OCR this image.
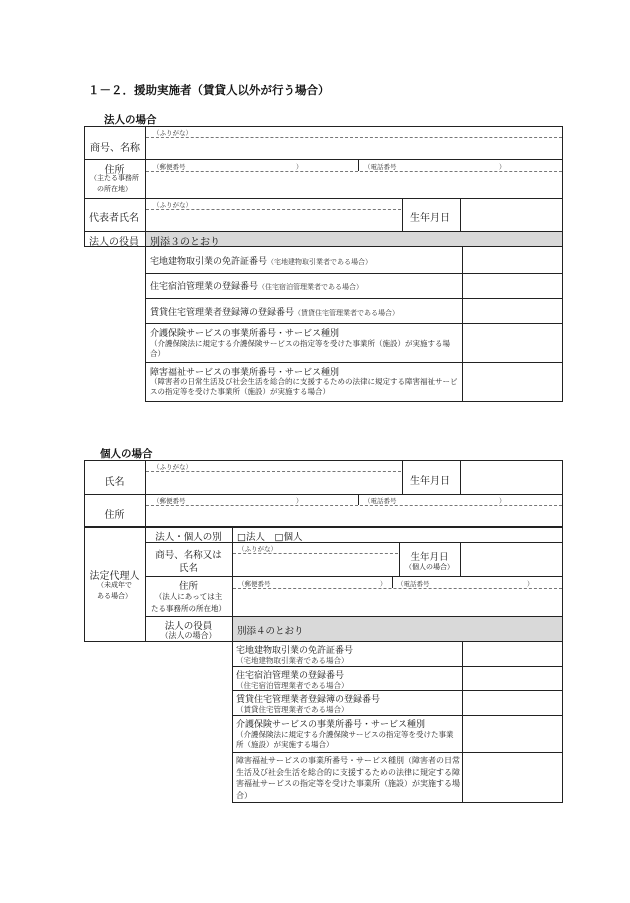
１－２．援助実施者（賃貸人以外が行う場合）
法人の場合
（ふりがな）
商号、名称
（郵便番号	）	（電話番号	）
住所
（主たる事務所
の所在地）
（ふりがな）
代表者氏名	生年月日
法人の役員 別添３のとおり
宅地建物取引業の免許証番号（宅地建物取引業者である場合）
住宅宿泊管理業の登録番号（住宅宿泊管理業者である場合）
賃貸住宅管理業者登録簿の登録番号（賃貸住宅管理業者である場合）
介護保険サービスの事業所番号・サービス種別
（介護保険法に規定する介護保険サービスの指定等を受けた事業所（施設）が実施する場合）
障害福祉サービスの事業所番号・サービス種別
（障害者の日常生活及び社会生活を総合的に支援するための法律に規定する障害福祉サービスの指定等を受けた事業所（施設）が実施する場合）
個人の場合
（ふりがな）
氏名	生年月日
（郵便番号	）	（電話番号	）
住所
法定代理人
（未成年で
ある場合）
法人・個人の別	□法人　□個人
商号、名称又は
氏名
（ふりがな）
生年月日
（個人の場合）
住所
（法人にあっては主
たる事務所の所在地）
（郵便番号	） （電話番号	）
法人の役員
（法人の場合）	別添４のとおり
宅地建物取引業の免許証番号
（宅地建物取引業者である場合）
住宅宿泊管理業の登録番号
（住宅宿泊管理業者である場合）
賃貸住宅管理業者登録簿の登録番号
（賃貸住宅管理業者である場合）
介護保険サービスの事業所番号・サービス種別
（介護保険法に規定する介護保険サービスの指定等を受けた事業所（施設）が実施する場合）
障害福祉サービスの事業所番号・サービス種別（障害者の日常生活及び社会生活を総合的に支援するための法律に規定する障害福祉サービスの指定等を受けた事業所（施設）が実施する場合）
